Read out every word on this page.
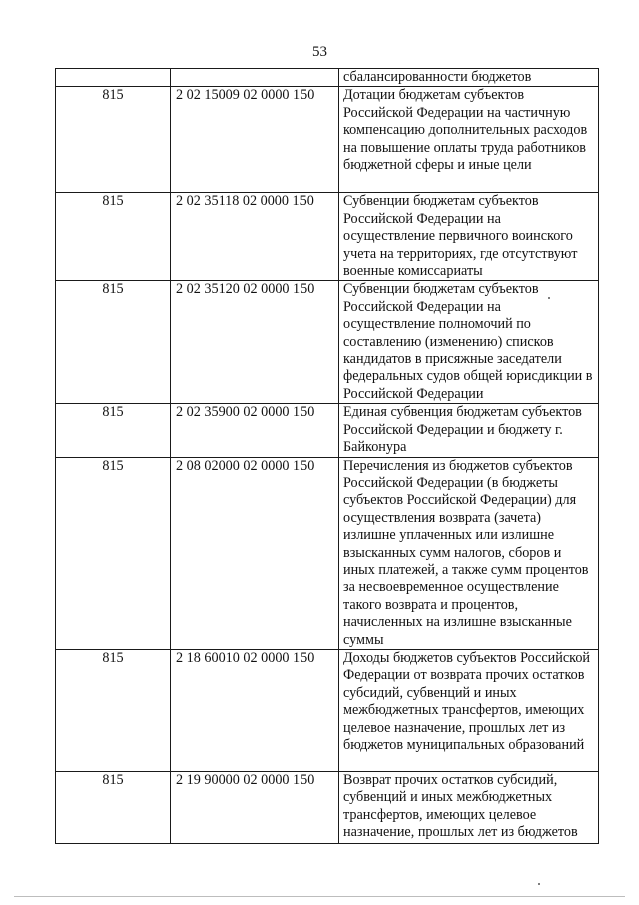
53
		сбалансированности бюджетов
815	2 02 15009 02 0000 150	Дотации бюджетам субъектов Российской Федерации на частичную компенсацию дополнительных расходов на повышение оплаты труда работников бюджетной сферы и иные цели
815	2 02 35118 02 0000 150	Субвенции бюджетам субъектов Российской Федерации на осуществление первичного воинского учета на территориях, где отсутствуют военные комиссариаты
815	2 02 35120 02 0000 150	Субвенции бюджетам субъектов Российской Федерации на осуществление полномочий по составлению (изменению) списков кандидатов в присяжные заседатели федеральных судов общей юрисдикции в Российской Федерации
815	2 02 35900 02 0000 150	Единая субвенция бюджетам субъектов Российской Федерации и бюджету г. Байконура
815	2 08 02000 02 0000 150	Перечисления из бюджетов субъектов Российской Федерации (в бюджеты субъектов Российской Федерации) для осуществления возврата (зачета) излишне уплаченных или излишне взысканных сумм налогов, сборов и иных платежей, а также сумм процентов за несвоевременное осуществление такого возврата и процентов, начисленных на излишне взысканные суммы
815	2 18 60010 02 0000 150	Доходы бюджетов субъектов Российской Федерации от возврата прочих остатков субсидий, субвенций и иных межбюджетных трансфертов, имеющих целевое назначение, прошлых лет из бюджетов муниципальных образований
815	2 19 90000 02 0000 150	Возврат прочих остатков субсидий, субвенций и иных межбюджетных трансфертов, имеющих целевое назначение, прошлых лет из бюджетов
